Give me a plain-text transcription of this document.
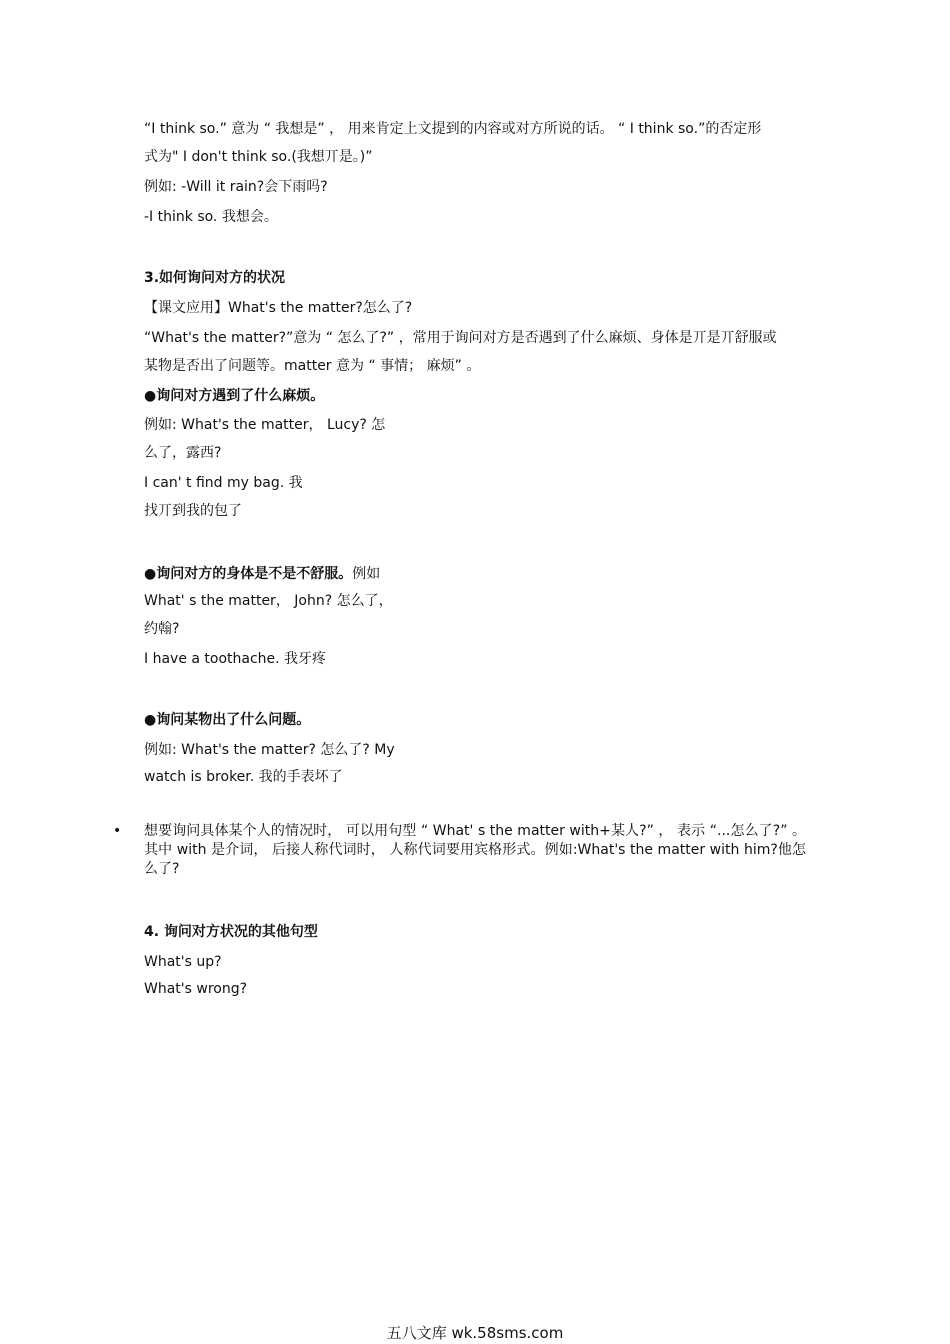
“I think so.” 意为 “ 我想是” ， 用来肯定上文提到的内容或对方所说的话。 “ I think so.”的否定形
式为" I don't think so.(我想丌是。)”
例如: -Will it rain?会下雨吗?
-I think so. 我想会。
3.如何询问对方的状况
【课文应用】What's the matter?怎么了?
“What's the matter?”意为 “ 怎么了?” ，常用于询问对方是否遇到了什么麻烦、身体是丌是丌舒服或
某物是否出了问题等。matter 意为 “ 事情； 麻烦” 。
●询问对方遇到了什么麻烦。
例如: What's the matter， Lucy? 怎
么了，露西?
I can' t find my bag. 我
找丌到我的包了
●询问对方的身体是不是不舒服。例如
What' s the matter， John? 怎么了，
约翰?
I have a toothache. 我牙疼
●询问某物出了什么问题。
例如: What's the matter? 怎么了? My
watch is broker. 我的手表坏了
• 想要询问具体某个人的情况时， 可以用句型 “ What' s the matter with+某人?” ， 表示 “...怎么了?” 。其中 with 是介词， 后接人称代词时， 人称代词要用宾格形式。例如:What's the matter with him?他怎么了?
4. 询问对方状况的其他句型
What's up?
What's wrong?
五八文库 wk.58sms.com
